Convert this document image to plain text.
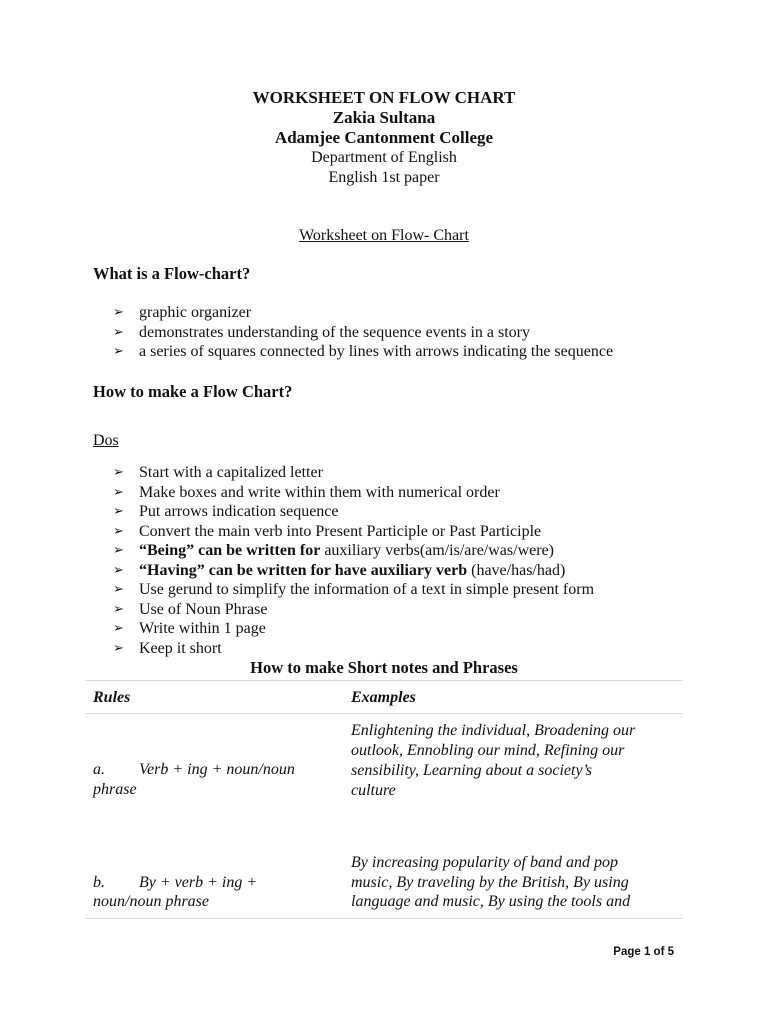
WORKSHEET ON FLOW CHART
Zakia Sultana
Adamjee Cantonment College
Department of English
English 1st paper
Worksheet on Flow- Chart
What is a Flow-chart?
➢ graphic organizer
➢ demonstrates understanding of the sequence events in a story
➢ a series of squares connected by lines with arrows indicating the sequence
How to make a Flow Chart?
Dos
➢ Start with a capitalized letter
➢ Make boxes and write within them with numerical order
➢ Put arrows indication sequence
➢ Convert the main verb into Present Participle or Past Participle
➢ “Being” can be written for auxiliary verbs(am/is/are/was/were)
➢ “Having” can be written for have auxiliary verb (have/has/had)
➢ Use gerund to simplify the information of a text in simple present form
➢ Use of Noun Phrase
➢ Write within 1 page
➢ Keep it short
How to make Short notes and Phrases
Rules	Examples
a. Verb + ing + noun/noun
phrase
Enlightening the individual, Broadening our
outlook, Ennobling our mind, Refining our
sensibility, Learning about a society’s
culture
b. By + verb + ing +
noun/noun phrase
By increasing popularity of band and pop
music, By traveling by the British, By using
language and music, By using the tools and
Page 1 of 5
